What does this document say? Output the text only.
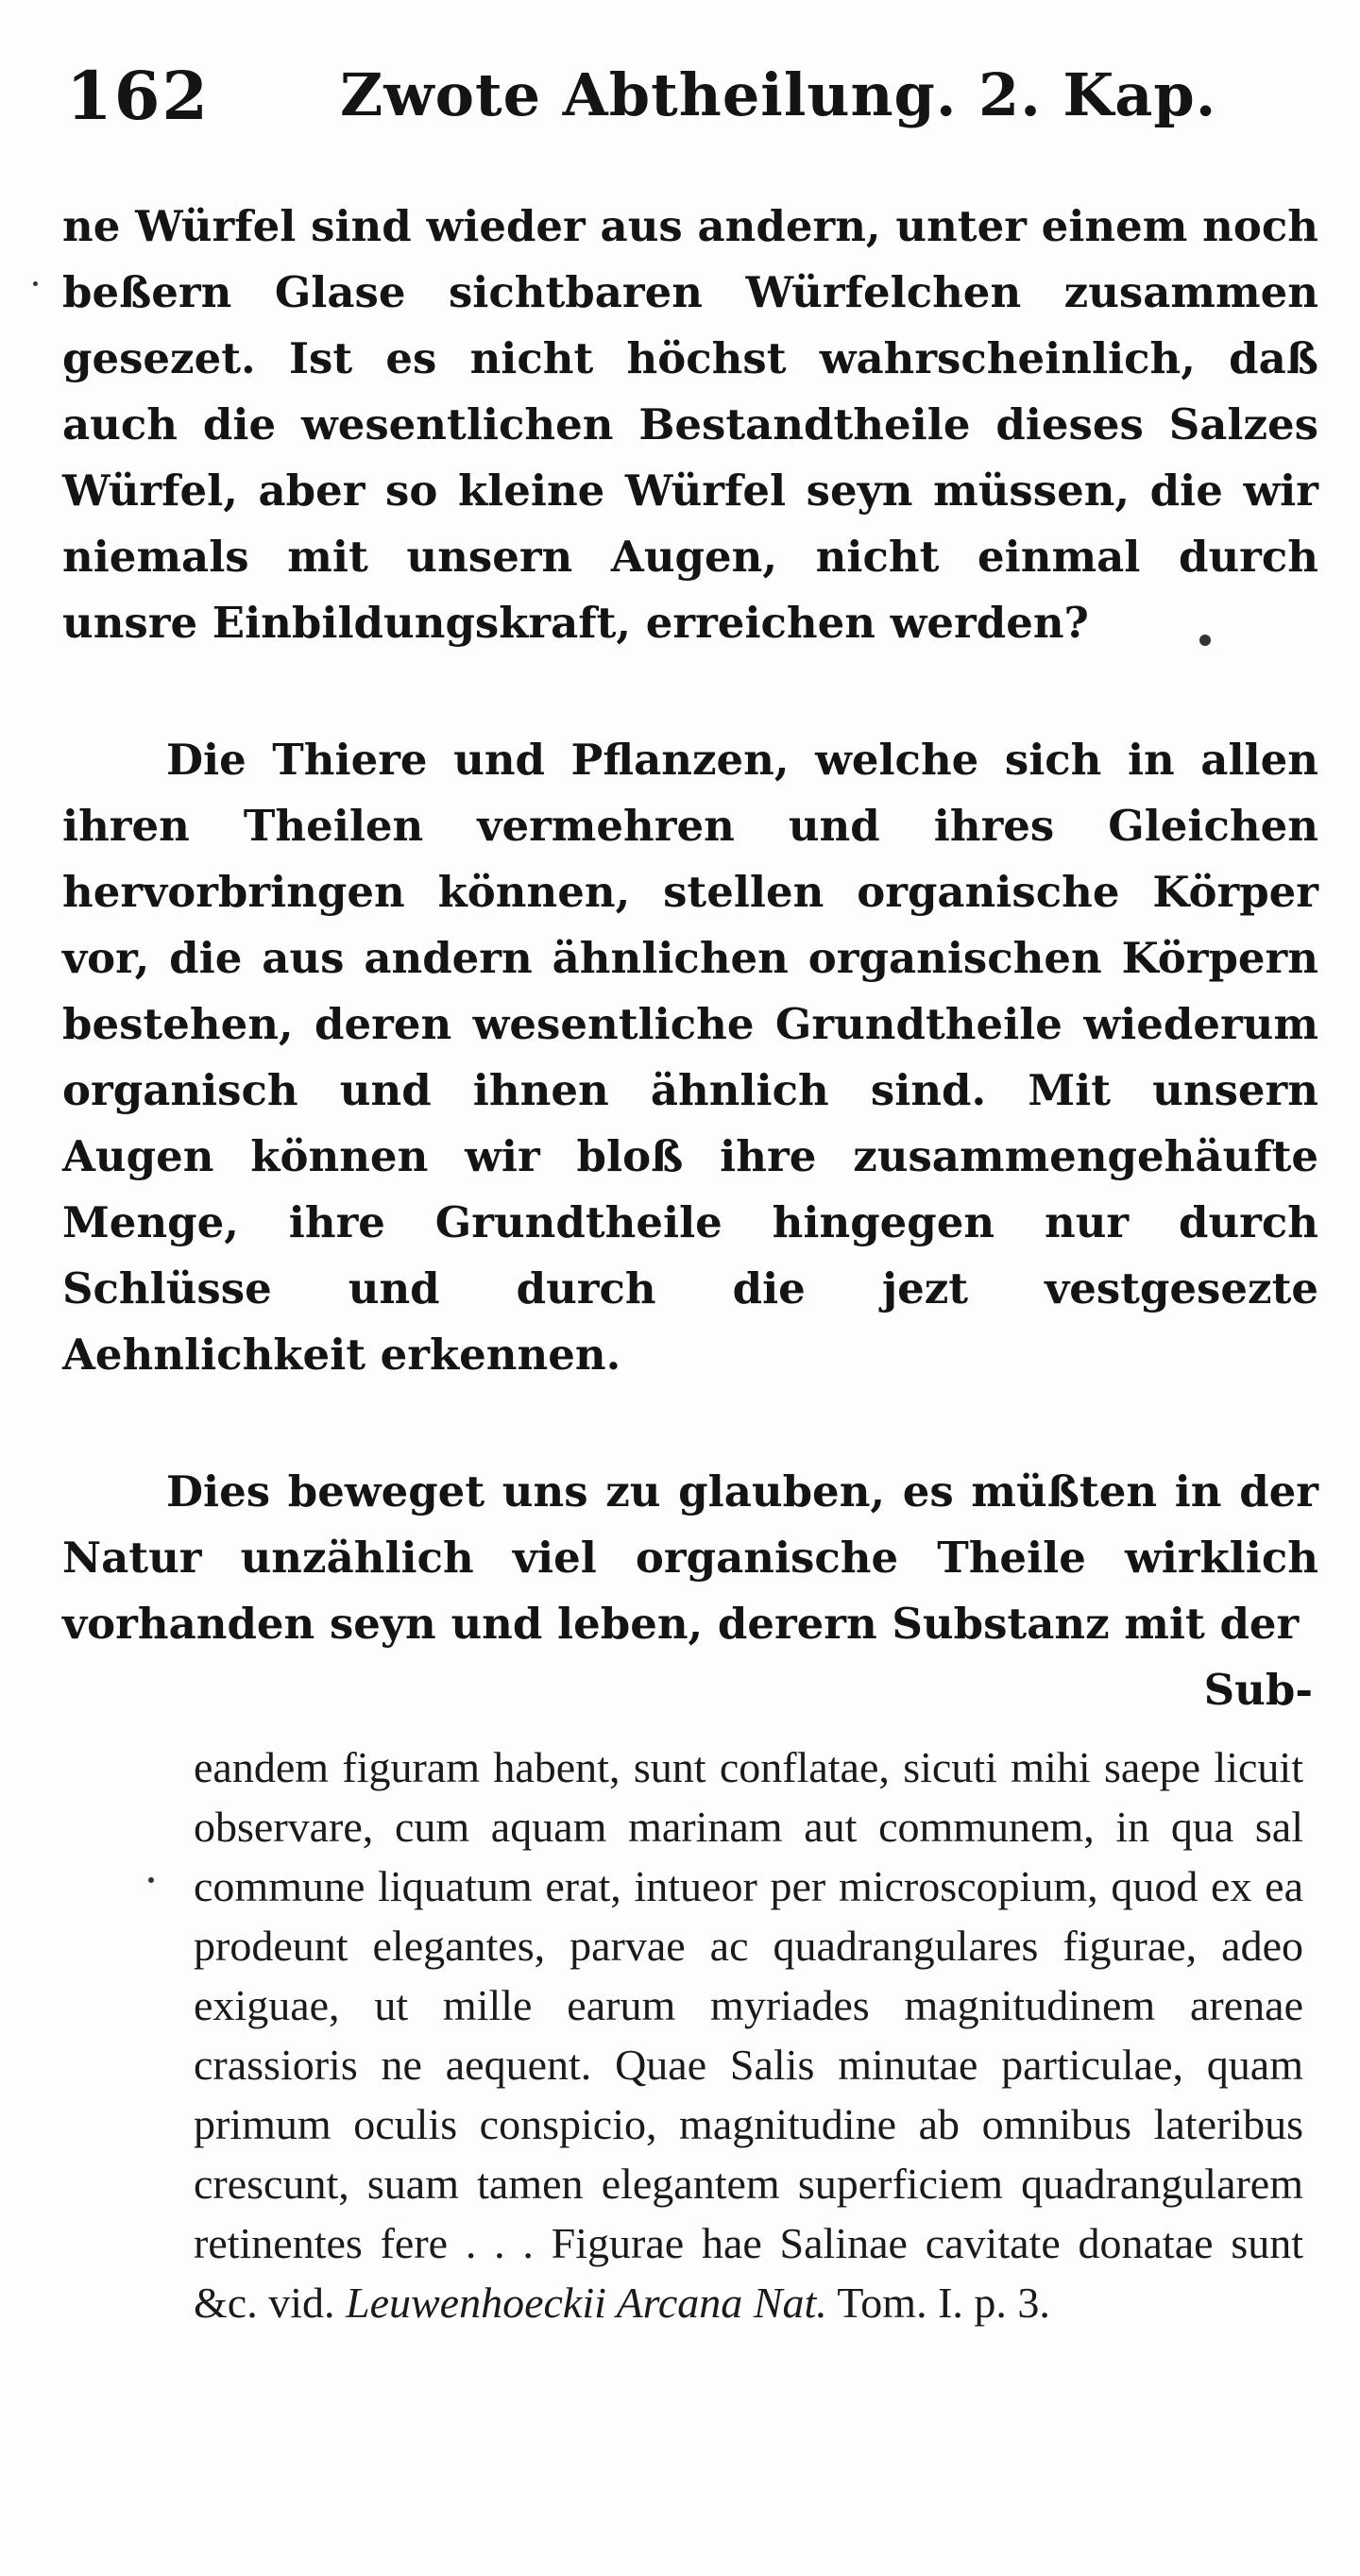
162 Zwote Abtheilung. 2. Kap.

ne Würfel sind wieder aus andern, unter einem noch beßern Glase sichtbaren Würfelchen zusammen gesezet. Ist es nicht höchst wahrscheinlich, daß auch die wesentlichen Bestandtheile dieses Salzes Würfel, aber so kleine Würfel seyn müssen, die wir niemals mit unsern Augen, nicht einmal durch unsre Einbildungskraft, erreichen werden?

Die Thiere und Pflanzen, welche sich in allen ihren Theilen vermehren und ihres Gleichen hervorbringen können, stellen organische Körper vor, die aus andern ähnlichen organischen Körpern bestehen, deren wesentliche Grundtheile wiederum organisch und ihnen ähnlich sind. Mit unsern Augen können wir bloß ihre zusammengehäufte Menge, ihre Grundtheile hingegen nur durch Schlüsse und durch die jezt vestgesezte Aehnlichkeit erkennen.

Dies beweget uns zu glauben, es müßten in der Natur unzählich viel organische Theile wirklich vorhanden seyn und leben, derern Substanz mit der

Sub-

eandem figuram habent, sunt conflatae, sicuti mihi saepe licuit observare, cum aquam marinam aut communem, in qua sal commune liquatum erat, intueor per microscopium, quod ex ea prodeunt elegantes, parvae ac quadrangulares figurae, adeo exiguae, ut mille earum myriades magnitudinem arenae crassioris ne aequent. Quae Salis minutae particulae, quam primum oculis conspicio, magnitudine ab omnibus lateribus crescunt, suam tamen elegantem superficiem quadrangularem retinentes fere . . . Figurae hae Salinae cavitate donatae sunt &c. vid. Leuwenhoeckii Arcana Nat. Tom. I. p. 3.
